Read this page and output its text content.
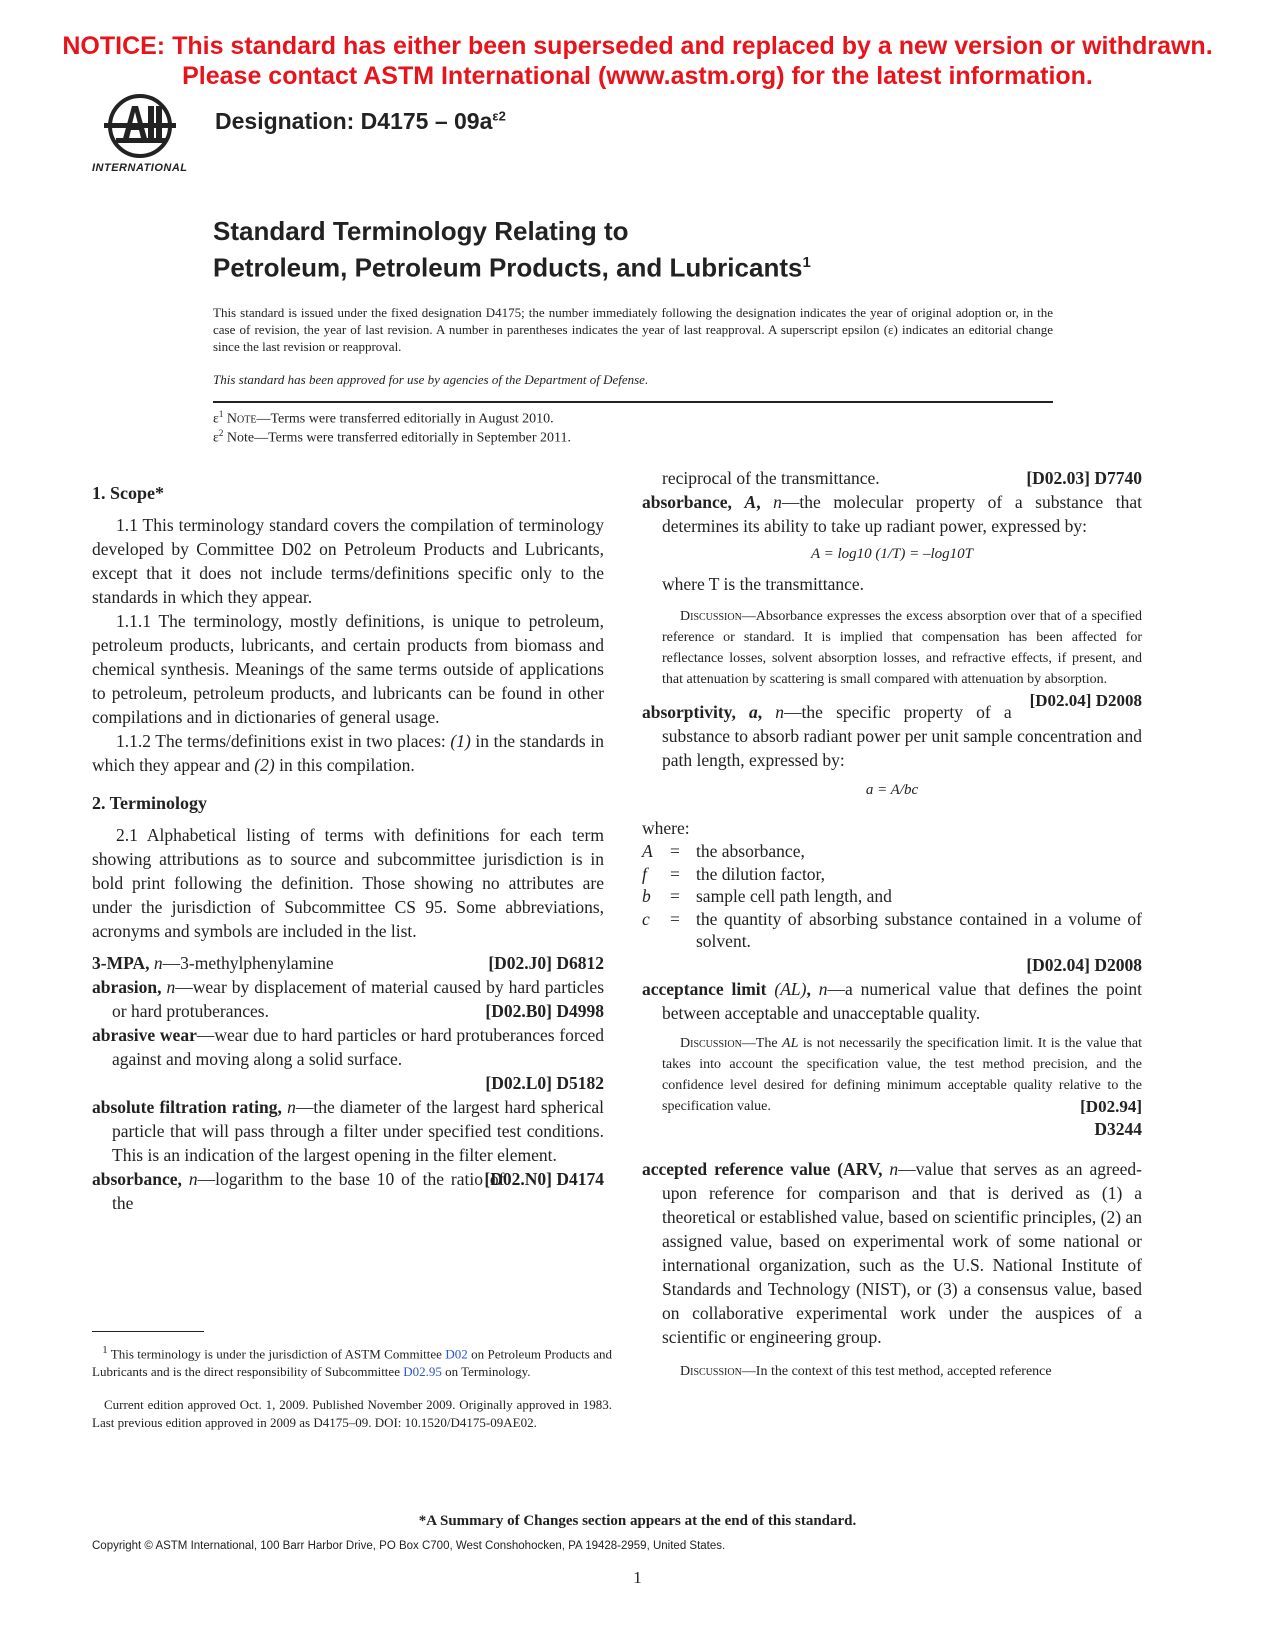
NOTICE: This standard has either been superseded and replaced by a new version or withdrawn.
Please contact ASTM International (www.astm.org) for the latest information.
INTERNATIONAL
Designation: $D4175 - 09a^{\varepsilon 2}$
Standard Terminology Relating to
Petroleum, Petroleum Products, and Lubricants$^1$
This standard is issued under the fixed designation D4175; the number immediately following the designation indicates the year of original adoption or, in the case of revision, the year of last revision. A number in parentheses indicates the year of last reapproval. A superscript epsilon (ε) indicates an editorial change since the last revision or reapproval.
This standard has been approved for use by agencies of the Department of Defense.
$\varepsilon^1$ Note—Terms were transferred editorially in August 2010.
$\varepsilon^2$ Note—Terms were transferred editorially in September 2011.

1. Scope*

1.1 This terminology standard covers the compilation of terminology developed by Committee D02 on Petroleum Products and Lubricants, except that it does not include terms/definitions specific only to the standards in which they appear.

1.1.1 The terminology, mostly definitions, is unique to petroleum, petroleum products, lubricants, and certain products from biomass and chemical synthesis. Meanings of the same terms outside of applications to petroleum, petroleum products, and lubricants can be found in other compilations and in dictionaries of general usage.

1.1.2 The terms/definitions exist in two places: (1) in the standards in which they appear and (2) in this compilation.

2. Terminology

2.1 Alphabetical listing of terms with definitions for each term showing attributions as to source and subcommittee jurisdiction is in bold print following the definition. Those showing no attributes are under the jurisdiction of Subcommittee CS 95. Some abbreviations, acronyms and symbols are included in the list.

3-MPA, n—3-methylphenylamine	[D02.J0] D6812

abrasion, n—wear by displacement of material caused by hard particles or hard protuberances.	[D02.B0] D4998

abrasive wear—wear due to hard particles or hard protuberances forced against and moving along a solid surface.

[D02.L0] D5182

absolute filtration rating, n—the diameter of the largest hard spherical particle that will pass through a filter under specified test conditions. This is an indication of the largest opening in the filter element.
[D02.N0] D4174

absorbance, n—logarithm to the base 10 of the ratio of the

$^1$ This terminology is under the jurisdiction of ASTM Committee D02 on Petroleum Products and Lubricants and is the direct responsibility of Subcommittee D02.95 on Terminology.
Current edition approved Oct. 1, 2009. Published November 2009. Originally approved in 1983. Last previous edition approved in 2009 as D4175–09. DOI: 10.1520/D4175-09AE02.

reciprocal of the transmittance.	[D02.03] D7740

absorbance, A, n—the molecular property of a substance that determines its ability to take up radiant power, expressed by:

A = log10 (1/T) = –log10T

where T is the transmittance.

Discussion—Absorbance expresses the excess absorption over that of a specified reference or standard. It is implied that compensation has been affected for reflectance losses, solvent absorption losses, and refractive effects, if present, and that attenuation by scattering is small compared with attenuation by absorption.
[D02.04] D2008

absorptivity, a, n—the specific property of a substance to absorb radiant power per unit sample concentration and path length, expressed by:

a = A/bc

where:

A = the absorbance,
f	= the dilution factor,
b	= sample cell path length, and
c	= the quantity of absorbing substance contained in a volume of solvent.

[D02.04] D2008

acceptance limit (AL), n—a numerical value that defines the point between acceptable and unacceptable quality.

Discussion—The AL is not necessarily the specification limit. It is the value that takes into account the specification value, the test method precision, and the confidence level desired for defining minimum acceptable quality relative to the specification value.	[D02.94]

D3244

accepted reference value (ARV, n—value that serves as an agreed-upon reference for comparison and that is derived as (1) a theoretical or established value, based on scientific principles, (2) an assigned value, based on experimental work of some national or international organization, such as the U.S. National Institute of Standards and Technology (NIST), or (3) a consensus value, based on collaborative experimental work under the auspices of a scientific or engineering group.

Discussion—In the context of this test method, accepted reference

*A Summary of Changes section appears at the end of this standard.
Copyright © ASTM International, 100 Barr Harbor Drive, PO Box C700, West Conshohocken, PA 19428-2959, United States.
1
